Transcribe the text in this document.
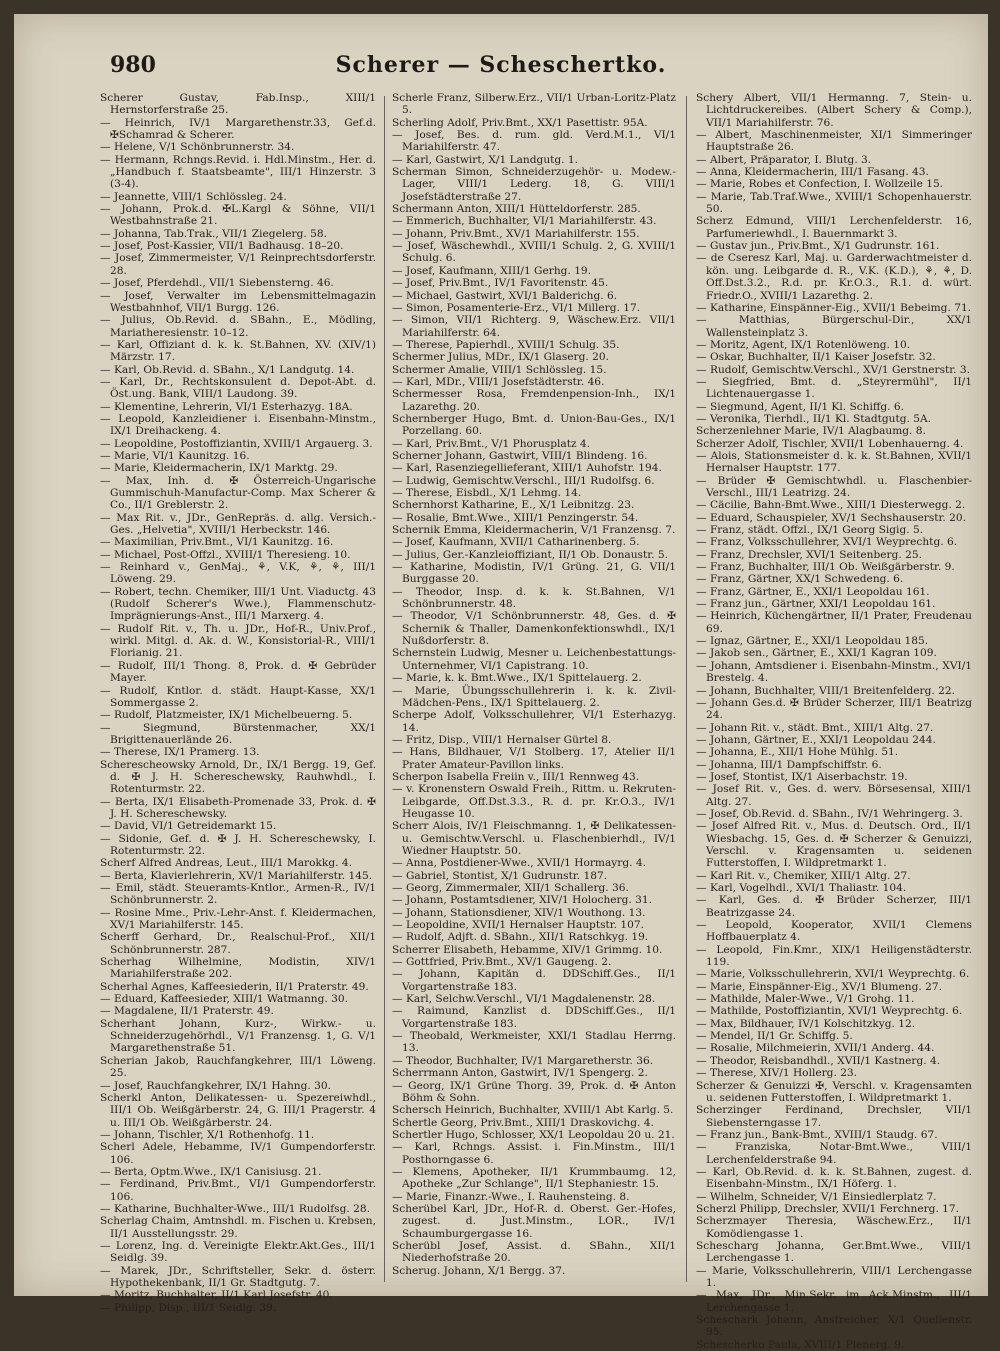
980	Scherer — Scheschertko.

Scherer Gustav, Fab.Insp., XIII/1 Hernstorferstraße 25.

— Heinrich, IV/1 Margarethenstr.33, Gef.d. ✠Schamrad & Scherer.

— Helene, V/1 Schönbrunnerstr. 34.

— Hermann, Rchngs.Revid. i. Hdl.Minstm., Her. d. „Handbuch f. Staatsbeamte", III/1 Hinzerstr. 3 (3-4).

— Jeannette, VIII/1 Schlössleg. 24.

— Johann, Prok.d. ✠L.Kargl & Söhne, VII/1 Westbahnstraße 21.

— Johanna, Tab.Trak., VII/1 Ziegelerg. 58.

— Josef, Post-Kassier, VII/1 Badhausg. 18–20.

— Josef, Zimmermeister, V/1 Reinprechtsdorferstr. 28.

— Josef, Pferdehdl., VII/1 Siebensterng. 46.

— Josef, Verwalter im Lebensmittelmagazin Westbahnhof, VII/1 Burgg. 126.

— Julius, Ob.Revid. d. SBahn., E., Mödling, Mariatheresienstr. 10–12.

— Karl, Offiziant d. k. k. St.Bahnen, XV. (XIV/1) Märzstr. 17.

— Karl, Ob.Revid. d. SBahn., X/1 Landgutg. 14.

— Karl, Dr., Rechtskonsulent d. Depot-Abt. d. Öst.ung. Bank, VIII/1 Laudong. 39.

— Klementine, Lehrerin, VI/1 Esterhazyg. 18A.

— Leopold, Kanzleidiener i. Eisenbahn-Minstm., IX/1 Dreihackeng. 4.

— Leopoldine, Postoffiziantin, XVIII/1 Argauerg. 3.

— Marie, VI/1 Kaunitzg. 16.

— Marie, Kleidermacherin, IX/1 Marktg. 29.

— Max, Inh. d. ✠ Österreich-Ungarische Gummischuh-Manufactur-Comp. Max Scherer & Co., II/1 Greblerstr. 2.

— Max Rit. v., JDr., GenRepräs. d. allg. Versich.-Ges. „Helvetia", XVIII/1 Herbeckstr. 146.

— Maximilian, Priv.Bmt., VI/1 Kaunitzg. 16.

— Michael, Post-Offzl., XVIII/1 Theresieng. 10.

— Reinhard v., GenMaj., ⚘, V.K, ⚘, ⚘, III/1 Löweng. 29.

— Robert, techn. Chemiker, III/1 Unt. Viaductg. 43 (Rudolf Scherer's Wwe.), Flammenschutz-Imprägnierungs-Anst., III/1 Marxerg. 4.

— Rudolf Rit. v., Th. u. JDr., Hof-R., Univ.Prof., wirkl. Mitgl. d. Ak. d. W., Konsistorial-R., VIII/1 Florianig. 21.

— Rudolf, III/1 Thong. 8, Prok. d. ✠ Gebrüder Mayer.

— Rudolf, Kntlor. d. städt. Haupt-Kasse, XX/1 Sommergasse 2.

— Rudolf, Platzmeister, IX/1 Michelbeuerng. 5.

— Siegmund, Bürstenmacher, XX/1 Brigittenauerlände 26.

— Therese, IX/1 Pramerg. 13.

Scherescheowsky Arnold, Dr., IX/1 Bergg. 19, Gef. d. ✠ J. H. Schereschewsky, Rauhwhdl., I. Rotenturmstr. 22.

— Berta, IX/1 Elisabeth-Promenade 33, Prok. d. ✠ J. H. Schereschewsky.

— David, VI/1 Getreidemarkt 15.

— Sidonie, Gef. d. ✠ J. H. Schereschewsky, I. Rotenturmstr. 22.

Scherf Alfred Andreas, Leut., III/1 Marokkg. 4.

— Berta, Klavierlehrerin, XV/1 Mariahilferstr. 145.

— Emil, städt. Steueramts-Kntlor., Armen-R., IV/1 Schönbrunnerstr. 2.

— Rosine Mme., Priv.-Lehr-Anst. f. Kleidermachen, XV/1 Mariahilferstr. 145.

Scherff Gerhard, Dr., Realschul-Prof., XII/1 Schönbrunnerstr. 287.

Scherhag Wilhelmine, Modistin, XIV/1 Mariahilferstraße 202.

Scherhal Agnes, Kaffeesiederin, II/1 Praterstr. 49.

— Eduard, Kaffeesieder, XIII/1 Watmanng. 30.

— Magdalene, II/1 Praterstr. 49.

Scherhant Johann, Kurz-, Wirkw.- u. Schneiderzugehörhdl., V/1 Franzensg. 1, G. V/1 Margarethenstraße 51.

Scherian Jakob, Rauchfangkehrer, III/1 Löweng. 25.

— Josef, Rauchfangkehrer, IX/1 Hahng. 30.

Scherkl Anton, Delikatessen- u. Spezereiwhdl., III/1 Ob. Weißgärberstr. 24, G. III/1 Pragerstr. 4 u. III/1 Ob. Weißgärberstr. 24.

— Johann, Tischler, X/1 Rothenhofg. 11.

Scherl Adele, Hebamme, IV/1 Gumpendorferstr. 106.

— Berta, Optm.Wwe., IX/1 Canisiusg. 21.

— Ferdinand, Priv.Bmt., VI/1 Gumpendorferstr. 106.

— Katharine, Buchhalter-Wwe., III/1 Rudolfsg. 28.

Scherlag Chaim, Amtnshdl. m. Fischen u. Krebsen, II/1 Ausstellungsstr. 29.

— Lorenz, Ing. d. Vereinigte Elektr.Akt.Ges., III/1 Seidlg. 39.

— Marek, JDr., Schriftsteller, Sekr. d. österr. Hypothekenbank, II/1 Gr. Stadtgutg. 7.

— Moritz, Buchhalter, II/1 Karl Josefstr. 40.

— Philipp, Disp., III/1 Seidlg. 39.

Scherle Franz, Silberw.Erz., VII/1 Urban-Loritz-Platz 5.

Scherling Adolf, Priv.Bmt., XX/1 Pasettistr. 95A.

— Josef, Bes. d. rum. gld. Verd.M.1., VI/1 Mariahilferstr. 47.

— Karl, Gastwirt, X/1 Landgutg. 1.

Scherman Simon, Schneiderzugehör- u. Modew.-Lager, VIII/1 Lederg. 18, G. VIII/1 Josefstädterstraße 27.

Schermann Anton, XIII/1 Hütteldorferstr. 285.

— Emmerich, Buchhalter, VI/1 Mariahilferstr. 43.

— Johann, Priv.Bmt., XV/1 Mariahilferstr. 155.

— Josef, Wäschewhdl., XVIII/1 Schulg. 2, G. XVIII/1 Schulg. 6.

— Josef, Kaufmann, XIII/1 Gerhg. 19.

— Josef, Priv.Bmt., IV/1 Favoritenstr. 45.

— Michael, Gastwirt, XVI/1 Balderichg. 6.

— Simon, Posamenterie-Erz., VI/1 Millerg. 17.

— Simon, VII/1 Richterg. 9, Wäschew.Erz. VII/1 Mariahilferstr. 64.

— Therese, Papierhdl., XVIII/1 Schulg. 35.

Schermer Julius, MDr., IX/1 Glaserg. 20.

Schermer Amalie, VIII/1 Schlössleg. 15.

— Karl, MDr., VIII/1 Josefstädterstr. 46.

Schermesser Rosa, Fremdenpension-Inh., IX/1 Lazarethg. 20.

Schernberger Hugo, Bmt. d. Union-Bau-Ges., IX/1 Porzellang. 60.

— Karl, Priv.Bmt., V/1 Phorusplatz 4.

Scherner Johann, Gastwirt, VIII/1 Blindeng. 16.

— Karl, Rasenziegellieferant, XIII/1 Auhofstr. 194.

— Ludwig, Gemischtw.Verschl., III/1 Rudolfsg. 6.

— Therese, Eisbdl., X/1 Lehmg. 14.

Schernhorst Katharine, E., X/1 Leibnitzg. 23.

— Rosalie, Bmt.Wwe., XIII/1 Penzingerstr. 54.

Schernik Emma, Kleidermacherin, V/1 Franzensg. 7.

— Josef, Kaufmann, XVII/1 Catharinenberg. 5.

— Julius, Ger.-Kanzleioffiziant, II/1 Ob. Donaustr. 5.

— Katharine, Modistin, IV/1 Grüng. 21, G. VII/1 Burggasse 20.

— Theodor, Insp. d. k. k. St.Bahnen, V/1 Schönbrunnerstr. 48.

— Theodor, V/1 Schönbrunnerstr. 48, Ges. d. ✠ Schernik & Thaller, Damenkonfektionswhdl., IX/1 Nußdorferstr. 8.

Schernstein Ludwig, Mesner u. Leichenbestattungs-Unternehmer, VI/1 Capistrang. 10.

— Marie, k. k. Bmt.Wwe., IX/1 Spittelauerg. 2.

— Marie, Übungsschullehrerin i. k. k. Zivil-Mädchen-Pens., IX/1 Spittelauerg. 2.

Scherpe Adolf, Volksschullehrer, VI/1 Esterhazyg. 14.

— Fritz, Disp., VIII/1 Hernalser Gürtel 8.

— Hans, Bildhauer, V/1 Stolberg. 17, Atelier II/1 Prater Amateur-Pavillon links.

Scherpon Isabella Freiin v., III/1 Rennweg 43.

— v. Kronenstern Oswald Freih., Rittm. u. Rekruten-Leibgarde, Off.Dst.3.3., R. d. pr. Kr.O.3., IV/1 Heugasse 10.

Scherr Alois, IV/1 Fleischmanng. 1, ✠ Delikatessen- u. Gemischtw.Verschl. u. Flaschenbierhdl., IV/1 Wiedner Hauptstr. 50.

— Anna, Postdiener-Wwe., XVII/1 Hormayrg. 4.

— Gabriel, Stontist, X/1 Gudrunstr. 187.

— Georg, Zimmermaler, XII/1 Schallerg. 36.

— Johann, Postamtsdiener, XIV/1 Holocherg. 31.

— Johann, Stationsdiener, XIV/1 Wouthong. 13.

— Leopoldine, XVII/1 Hernalser Hauptstr. 107.

— Rudolf, Adjft. d. SBahn., XII/1 Ratschkyg. 19.

Scherrer Elisabeth, Hebamme, XIV/1 Grimmg. 10.

— Gottfried, Priv.Bmt., XV/1 Gaugeng. 2.

— Johann, Kapitän d. DDSchiff.Ges., II/1 Vorgartenstraße 183.

— Karl, Selchw.Verschl., VI/1 Magdalenenstr. 28.

— Raimund, Kanzlist d. DDSchiff.Ges., II/1 Vorgartenstraße 183.

— Theobald, Werkmeister, XXI/1 Stadlau Herrng. 13.

— Theodor, Buchhalter, IV/1 Margaretherstr. 36.

Scherrmann Anton, Gastwirt, IV/1 Spengerg. 2.

— Georg, IX/1 Grüne Thorg. 39, Prok. d. ✠ Anton Böhm & Sohn.

Schersch Heinrich, Buchhalter, XVIII/1 Abt Karlg. 5.

Schertle Georg, Priv.Bmt., XIII/1 Draskovichg. 4.

Schertler Hugo, Schlosser, XX/1 Leopoldau 20 u. 21.

— Karl, Rchngs. Assist. i. Fin.Minstm., III/1 Posthorngasse 6.

— Klemens, Apotheker, II/1 Krummbaumg. 12, Apotheke „Zur Schlange", II/1 Stephaniestr. 15.

— Marie, Finanzr.-Wwe., I. Rauhensteing. 8.

Scherübel Karl, JDr., Hof-R. d. Oberst. Ger.-Hofes, zugest. d. Just.Minstm., LOR., IV/1 Schaumburgergasse 16.

Scherübl Josef, Assist. d. SBahn., XII/1 Niederhofstraße 20.

Scherug. Johann, X/1 Bergg. 37.

Schery Albert, VII/1 Hermanng. 7, Stein- u. Lichtdruckereibes. (Albert Schery & Comp.), VII/1 Mariahilferstr. 76.

— Albert, Maschinenmeister, XI/1 Simmeringer Hauptstraße 26.

— Albert, Präparator, I. Blutg. 3.

— Anna, Kleidermacherin, III/1 Fasang. 43.

— Marie, Robes et Confection, I. Wollzeile 15.

— Marie, Tab.Traf.Wwe., XVIII/1 Schopenhauerstr. 50.

Scherz Edmund, VIII/1 Lerchenfelderstr. 16, Parfumeriewhdl., I. Bauernmarkt 3.

— Gustav jun., Priv.Bmt., X/1 Gudrunstr. 161.

— de Cseresz Karl, Maj. u. Garderwachtmeister d. kön. ung. Leibgarde d. R., V.K. (K.D.), ⚘, ⚘, D. Off.Dst.3.2., R.d. pr. Kr.O.3., R.1. d. würt. Friedr.O., XVIII/1 Lazarethg. 2.

— Katharine, Einspänner-Eig., XVII/1 Bebeimg. 71.

— Matthias, Bürgerschul-Dir., XX/1 Wallensteinplatz 3.

— Moritz, Agent, IX/1 Rotenlöweng. 10.

— Oskar, Buchhalter, II/1 Kaiser Josefstr. 32.

— Rudolf, Gemischtw.Verschl., XV/1 Gerstnerstr. 3.

— Siegfried, Bmt. d. „Steyrermühl", II/1 Lichtenauergasse 1.

— Siegmund, Agent, II/1 Kl. Schiffg. 6.

— Veronika, Tierhdl., II/1 Kl. Stadtgutg. 5A.

Scherzenlehner Marie, IV/1 Alagbaumg. 8.

Scherzer Adolf, Tischler, XVII/1 Lobenhauerng. 4.

— Alois, Stationsmeister d. k. k. St.Bahnen, XVII/1 Hernalser Hauptstr. 177.

— Brüder ✠ Gemischtwhdl. u. Flaschenbier-Verschl., III/1 Leatrizg. 24.

— Cäcilie, Bahn-Bmt.Wwe., XIII/1 Diesterwegg. 2.

— Eduard, Schauspieler, XV/1 Sechshauserstr. 20.

— Franz, städt. Offzl., IX/1 Georg Sigig. 5.

— Franz, Volksschullehrer, XVI/1 Weyprechtg. 6.

— Franz, Drechsler, XVI/1 Seitenberg. 25.

— Franz, Buchhalter, III/1 Ob. Weißgärberstr. 9.

— Franz, Gärtner, XX/1 Schwedeng. 6.

— Franz, Gärtner, E., XXI/1 Leopoldau 161.

— Franz jun., Gärtner, XXI/1 Leopoldau 161.

— Heinrich, Küchengärtner, II/1 Prater, Freudenau 69.

— Ignaz, Gärtner, E., XXI/1 Leopoldau 185.

— Jakob sen., Gärtner, E., XXI/1 Kagran 109.

— Johann, Amtsdiener i. Eisenbahn-Minstm., XVI/1 Brestelg. 4.

— Johann, Buchhalter, VIII/1 Breitenfelderg. 22.

— Johann Ges.d. ✠ Brüder Scherzer, III/1 Beatrizg 24.

— Johann Rit. v., städt. Bmt., XIII/1 Altg. 27.

— Johann, Gärtner, E., XXI/1 Leopoldau 244.

— Johanna, E., XII/1 Hohe Mühlg. 51.

— Johanna, III/1 Dampfschiffstr. 6.

— Josef, Stontist, IX/1 Aiserbachstr. 19.

— Josef Rit. v., Ges. d. werv. Börsesensal, XIII/1 Altg. 27.

— Josef, Ob.Revid. d. SBahn., IV/1 Wehringerg. 3.

— Josef Alfred Rit. v., Mus. d. Deutsch. Ord., II/1 Wiesbachg. 15, Ges. d. ✠ Scherzer & Genuizzi, Verschl. v. Kragensamten u. seidenen Futterstoffen, I. Wildpretmarkt 1.

— Karl Rit. v., Chemiker, XIII/1 Altg. 27.

— Karl, Vogelhdl., XVI/1 Thaliastr. 104.

— Karl, Ges. d. ✠ Brüder Scherzer, III/1 Beatrizgasse 24.

— Leopold, Kooperator, XVII/1 Clemens Hoffbauerplatz 4.

— Leopold, Fin.Kmr., XIX/1 Heiligenstädterstr. 119.

— Marie, Volksschullehrerin, XVI/1 Weyprechtg. 6.

— Marie, Einspänner-Eig., XV/1 Blumeng. 27.

— Mathilde, Maler-Wwe., V/1 Grohg. 11.

— Mathilde, Postoffiziantin, XVI/1 Weyprechtg. 6.

— Max, Bildhauer, IV/1 Kolschitzkyg. 12.

— Mendel, II/1 Gr. Schiffg. 5.

— Rosalie, Milchmeierin, XVII/1 Anderg. 44.

— Theodor, Reisbandhdl., XVII/1 Kastnerg. 4.

— Therese, XIV/1 Hollerg. 23.

Scherzer & Genuizzi ✠, Verschl. v. Kragensamten u. seidenen Futterstoffen, I. Wildpretmarkt 1.

Scherzinger Ferdinand, Drechsler, VII/1 Siebensterngasse 17.

— Franz jun., Bank-Bmt., XVIII/1 Staudg. 67.

— Franziska, Notar-Bmt.Wwe., VIII/1 Lerchenfelderstraße 94.

— Karl, Ob.Revid. d. k. k. St.Bahnen, zugest. d. Eisenbahn-Minstm., IX/1 Höferg. 1.

— Wilhelm, Schneider, V/1 Einsiedlerplatz 7.

Scherzl Philipp, Drechsler, XVII/1 Ferchnerg. 17.

Scherzmayer Theresia, Wäschew.Erz., II/1 Komödiengasse 1.

Schescharg Johanna, Ger.Bmt.Wwe., VIII/1 Lerchengasse 1.

— Marie, Volksschullehrerin, VIII/1 Lerchengasse 1.

— Max, JDr., Min.Sekr. im Ack.Minstm., III/1 Lerchengasse 1.

Scheschark Johann, Anstreicher, X/1 Quellenstr. 95.

Schescherko Paula, XVIII/1 Plenerg. 9.
